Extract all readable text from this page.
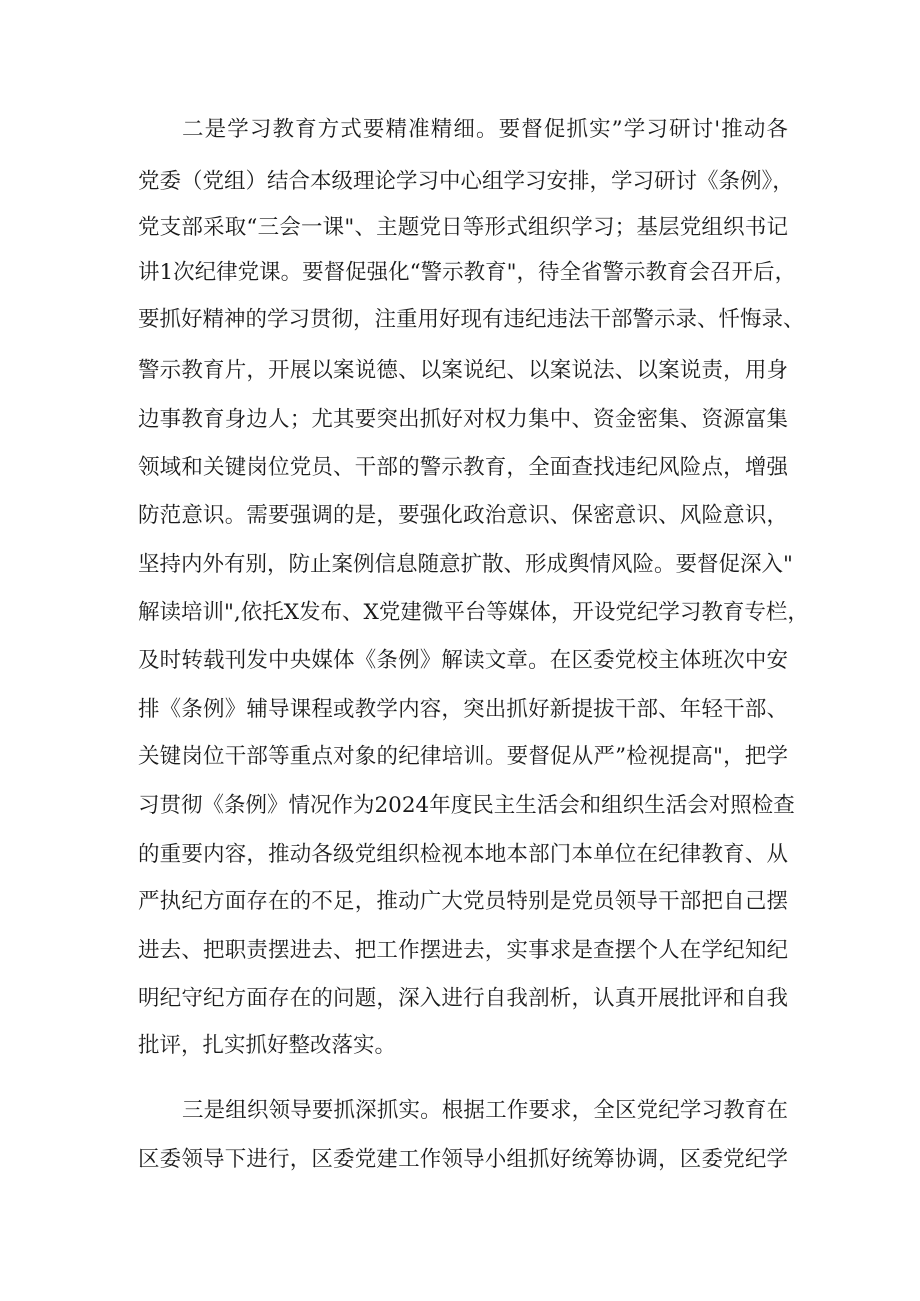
二是学习教育方式要精准精细。要督促抓实”学习研讨'推动各
党委（党组）结合本级理论学习中心组学习安排，学习研讨《条例》，
党支部采取“三会一课"、主题党日等形式组织学习；基层党组织书记
讲1次纪律党课。要督促强化“警示教育"，待全省警示教育会召开后，
要抓好精神的学习贯彻，注重用好现有违纪违法干部警示录、忏悔录、
警示教育片，开展以案说德、以案说纪、以案说法、以案说责，用身
边事教育身边人；尤其要突出抓好对权力集中、资金密集、资源富集
领域和关键岗位党员、干部的警示教育，全面查找违纪风险点，增强
防范意识。需要强调的是，要强化政治意识、保密意识、风险意识，
坚持内外有别，防止案例信息随意扩散、形成舆情风险。要督促深入"
解读培训",依托X发布、X党建微平台等媒体，开设党纪学习教育专栏，
及时转载刊发中央媒体《条例》解读文章。在区委党校主体班次中安
排《条例》辅导课程或教学内容，突出抓好新提拔干部、年轻干部、
关键岗位干部等重点对象的纪律培训。要督促从严”检视提高"，把学
习贯彻《条例》情况作为2024年度民主生活会和组织生活会对照检查
的重要内容，推动各级党组织检视本地本部门本单位在纪律教育、从
严执纪方面存在的不足，推动广大党员特别是党员领导干部把自己摆
进去、把职责摆进去、把工作摆进去，实事求是查摆个人在学纪知纪
明纪守纪方面存在的问题，深入进行自我剖析，认真开展批评和自我
批评，扎实抓好整改落实。
三是组织领导要抓深抓实。根据工作要求，全区党纪学习教育在
区委领导下进行，区委党建工作领导小组抓好统筹协调，区委党纪学
